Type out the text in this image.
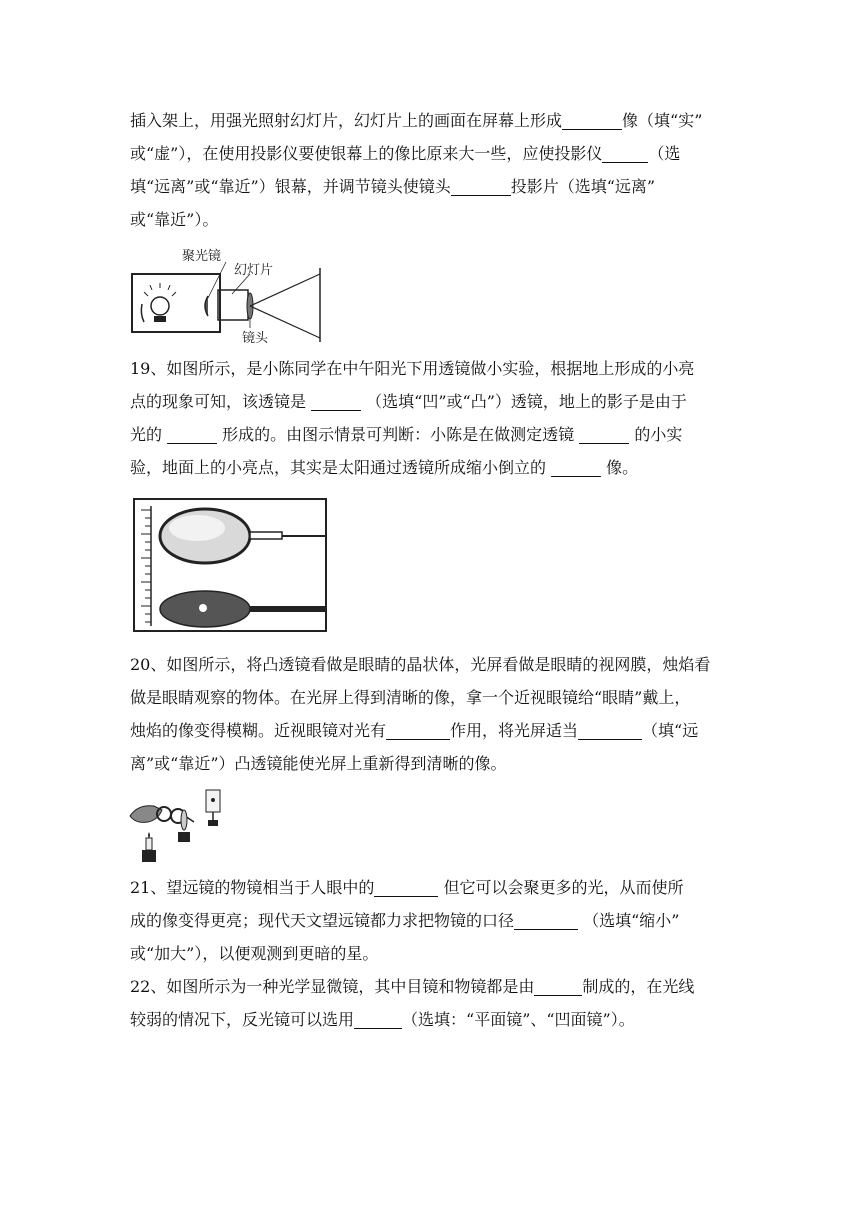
插入架上，用强光照射幻灯片，幻灯片上的画面在屏幕上形成	像（填“实”
或“虚”），在使用投影仪要使银幕上的像比原来大一些，应使投影仪	（选
填“远离”或“靠近”）银幕，并调节镜头使镜头	投影片（选填“远离”
或“靠近”）。
聚光镜
幻灯片
镜头
19、如图所示，是小陈同学在中午阳光下用透镜做小实验，根据地上形成的小亮
点的现象可知，该透镜是	（选填“凹”或“凸”）透镜，地上的影子是由于
光的	形成的。由图示情景可判断：小陈是在做测定透镜	的小实
验，地面上的小亮点，其实是太阳通过透镜所成缩小倒立的	像。
20、如图所示，将凸透镜看做是眼睛的晶状体，光屏看做是眼睛的视网膜，烛焰看
做是眼睛观察的物体。在光屏上得到清晰的像，拿一个近视眼镜给“眼睛”戴上，
烛焰的像变得模糊。近视眼镜对光有	作用，将光屏适当	（填“远
离”或“靠近”）凸透镜能使光屏上重新得到清晰的像。
21、望远镜的物镜相当于人眼中的	但它可以会聚更多的光，从而使所
成的像变得更亮；现代天文望远镜都力求把物镜的口径	（选填“缩小”
或“加大”），以便观测到更暗的星。
22、如图所示为一种光学显微镜，其中目镜和物镜都是由	制成的，在光线
较弱的情况下，反光镜可以选用	（选填：“平面镜”、“凹面镜”）。
